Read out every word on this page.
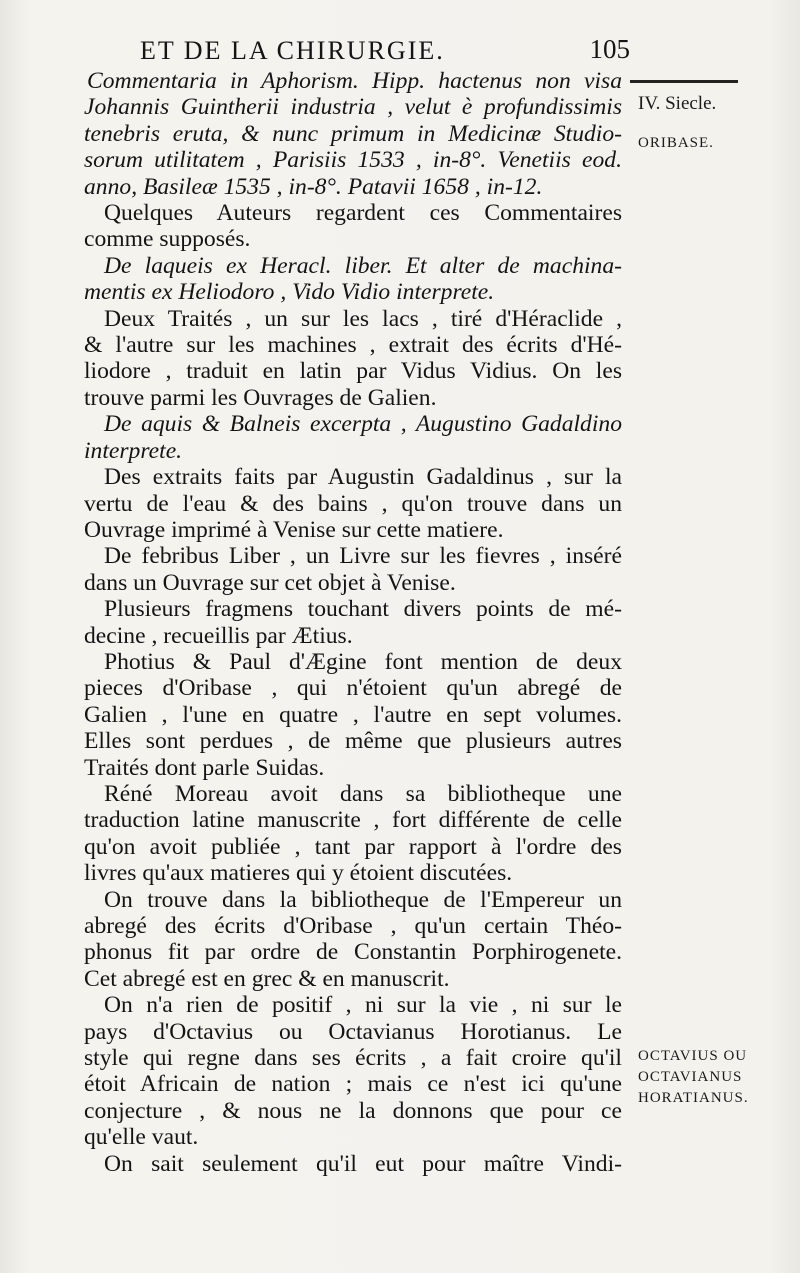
ET DE LA CHIRURGIE.	105
IV. Siecle.
ORIBASE.
OCTAVIUS OU OCTAVIANUS HORATIANUS.
Commentaria in Aphorism. Hipp. hactenus non visa
Johannis Guintherii industria , velut è profundissimis
tenebris eruta, & nunc primum in Medicinæ Studio-
sorum utilitatem , Parisiis 1533 , in-8°. Venetiis eod.
anno, Basileæ 1535 , in-8°. Patavii 1658 , in-12.
Quelques Auteurs regardent ces Commentaires
comme supposés.
De laqueis ex Heracl. liber. Et alter de machina-
mentis ex Heliodoro , Vido Vidio interprete.
Deux Traités , un sur les lacs , tiré d'Héraclide ,
& l'autre sur les machines , extrait des écrits d'Hé-
liodore , traduit en latin par Vidus Vidius. On les
trouve parmi les Ouvrages de Galien.
De aquis & Balneis excerpta , Augustino Gadaldino
interprete.
Des extraits faits par Augustin Gadaldinus , sur la
vertu de l'eau & des bains , qu'on trouve dans un
Ouvrage imprimé à Venise sur cette matiere.
De febribus Liber , un Livre sur les fievres , inséré
dans un Ouvrage sur cet objet à Venise.
Plusieurs fragmens touchant divers points de mé-
decine , recueillis par Ætius.
Photius & Paul d'Ægine font mention de deux
pieces d'Oribase , qui n'étoient qu'un abregé de
Galien , l'une en quatre , l'autre en sept volumes.
Elles sont perdues , de même que plusieurs autres
Traités dont parle Suidas.
Réné Moreau avoit dans sa bibliotheque une
traduction latine manuscrite , fort différente de celle
qu'on avoit publiée , tant par rapport à l'ordre des
livres qu'aux matieres qui y étoient discutées.
On trouve dans la bibliotheque de l'Empereur un
abregé des écrits d'Oribase , qu'un certain Théo-
phonus fit par ordre de Constantin Porphirogenete.
Cet abregé est en grec & en manuscrit.
On n'a rien de positif , ni sur la vie , ni sur le
pays d'Octavius ou Octavianus Horotianus. Le
style qui regne dans ses écrits , a fait croire qu'il
étoit Africain de nation ; mais ce n'est ici qu'une
conjecture , & nous ne la donnons que pour ce
qu'elle vaut.
On sait seulement qu'il eut pour maître Vindi-
